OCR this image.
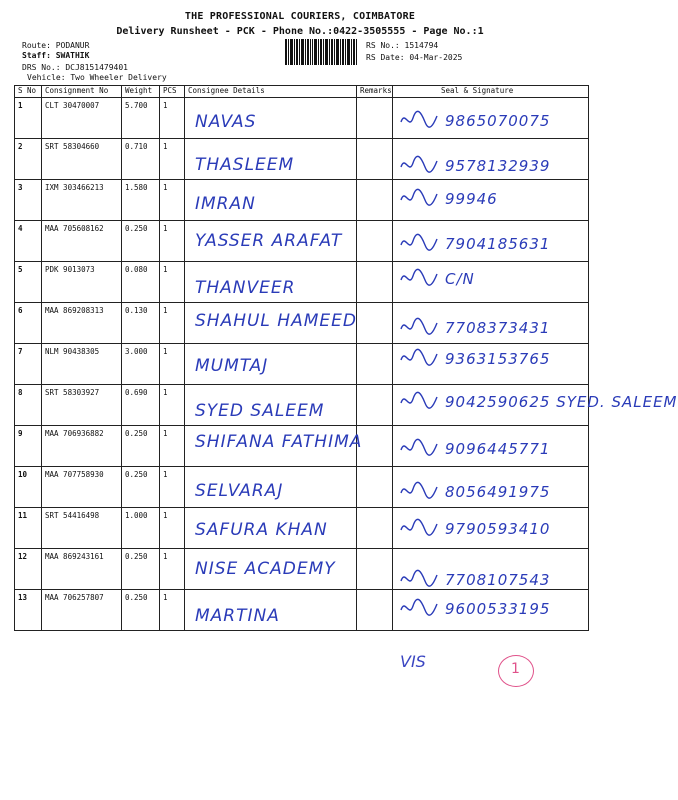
THE PROFESSIONAL COURIERS, COIMBATORE
Delivery Runsheet - PCK - Phone No.:0422-3505555 - Page No.:1
Route: PODANUR
Staff: SWATHIK
DRS No.: DCJ8151479401
Vehicle: Two Wheeler Delivery
RS No.: 1514794
RS Date: 04-Mar-2025
S No	Consignment No	Weight	PCS	Consignee Details	Remarks	Seal & Signature

1	CLT 30470007	5.700	1	NAVAS		9865070075

2	SRT 58304660	0.710	1	THASLEEM		9578132939

3	IXM 303466213	1.580	1	IMRAN		99946

4	MAA 705608162	0.250	1	YASSER ARAFAT		7904185631

5	PDK 9013073	0.080	1	THANVEER		C/N

6	MAA 869208313	0.130	1	SHAHUL HAMEED		7708373431

7	NLM 90438305	3.000	1	MUMTAJ		9363153765

8	SRT 58303927	0.690	1	SYED SALEEM		9042590625 SYED. SALEEM

9	MAA 706936882	0.250	1	SHIFANA FATHIMA		9096445771

10	MAA 707758930	0.250	1	SELVARAJ		8056491975

11	SRT 54416498	1.000	1	SAFURA KHAN		9790593410

12	MAA 869243161	0.250	1	NISE ACADEMY		7708107543

13	MAA 706257807	0.250	1	MARTINA		9600533195
VIS	1
